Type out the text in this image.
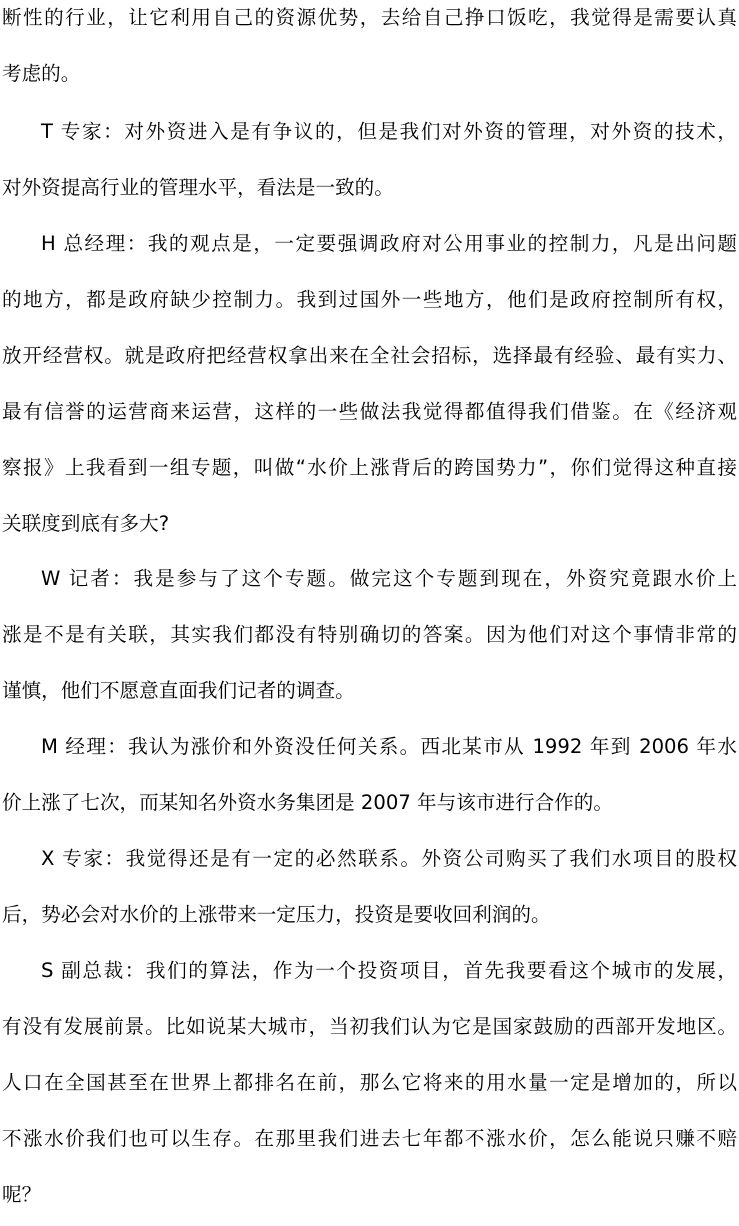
断性的行业，让它利用自己的资源优势，去给自己挣口饭吃，我觉得是需要认真
考虑的。
T 专家：对外资进入是有争议的，但是我们对外资的管理，对外资的技术，
对外资提高行业的管理水平，看法是一致的。
H 总经理：我的观点是，一定要强调政府对公用事业的控制力，凡是出问题
的地方，都是政府缺少控制力。我到过国外一些地方，他们是政府控制所有权，
放开经营权。就是政府把经营权拿出来在全社会招标，选择最有经验、最有实力、
最有信誉的运营商来运营，这样的一些做法我觉得都值得我们借鉴。在《经济观
察报》上我看到一组专题，叫做“水价上涨背后的跨国势力”，你们觉得这种直接
关联度到底有多大?
W 记者：我是参与了这个专题。做完这个专题到现在，外资究竟跟水价上
涨是不是有关联，其实我们都没有特别确切的答案。因为他们对这个事情非常的
谨慎，他们不愿意直面我们记者的调查。
M 经理：我认为涨价和外资没任何关系。西北某市从 1992 年到 2006 年水
价上涨了七次，而某知名外资水务集团是 2007 年与该市进行合作的。
X 专家：我觉得还是有一定的必然联系。外资公司购买了我们水项目的股权
后，势必会对水价的上涨带来一定压力，投资是要收回利润的。
S 副总裁：我们的算法，作为一个投资项目，首先我要看这个城市的发展，
有没有发展前景。比如说某大城市，当初我们认为它是国家鼓励的西部开发地区。
人口在全国甚至在世界上都排名在前，那么它将来的用水量一定是增加的，所以
不涨水价我们也可以生存。在那里我们进去七年都不涨水价，怎么能说只赚不赔
呢？
